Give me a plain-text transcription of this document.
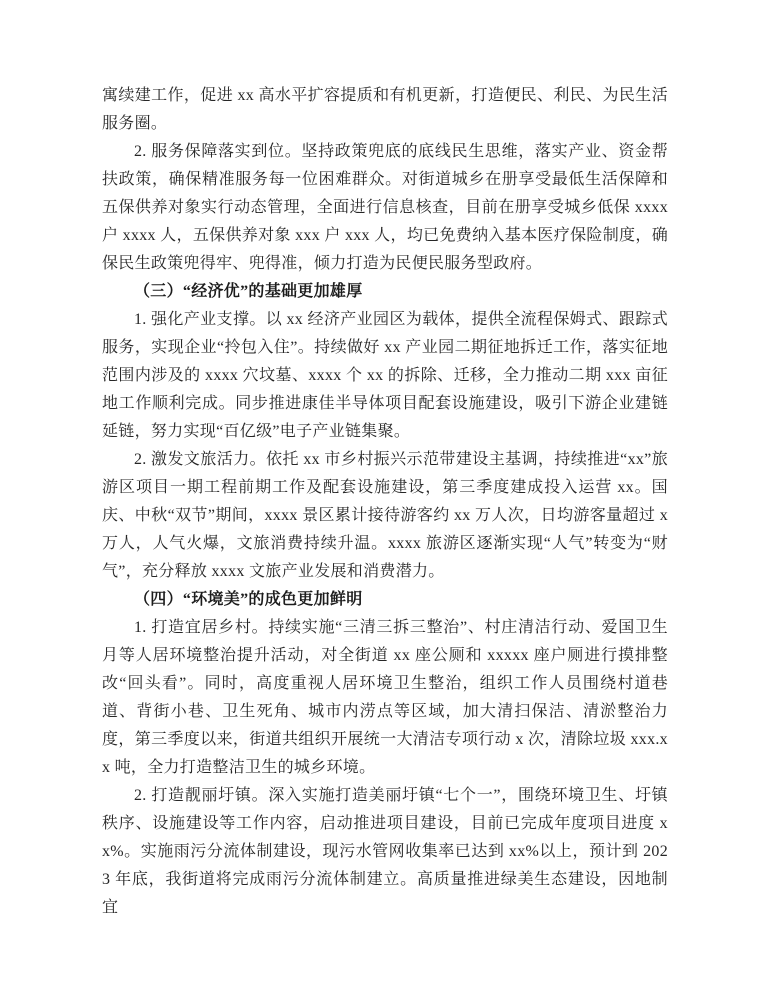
寓续建工作，促进 xx 高水平扩容提质和有机更新，打造便民、利民、为民生活服务圈。

2. 服务保障落实到位。坚持政策兜底的底线民生思维，落实产业、资金帮扶政策，确保精准服务每一位困难群众。对街道城乡在册享受最低生活保障和五保供养对象实行动态管理，全面进行信息核查，目前在册享受城乡低保 xxxx 户 xxxx 人，五保供养对象 xxx 户 xxx 人，均已免费纳入基本医疗保险制度，确保民生政策兜得牢、兜得准，倾力打造为民便民服务型政府。

（三）“经济优”的基础更加雄厚

1. 强化产业支撑。以 xx 经济产业园区为载体，提供全流程保姆式、跟踪式服务，实现企业“拎包入住”。持续做好 xx 产业园二期征地拆迁工作，落实征地范围内涉及的 xxxx 穴坟墓、xxxx 个 xx 的拆除、迁移，全力推动二期 xxx 亩征地工作顺利完成。同步推进康佳半导体项目配套设施建设，吸引下游企业建链延链，努力实现“百亿级”电子产业链集聚。

2. 激发文旅活力。依托 xx 市乡村振兴示范带建设主基调，持续推进“xx”旅游区项目一期工程前期工作及配套设施建设，第三季度建成投入运营 xx。国庆、中秋“双节”期间，xxxx 景区累计接待游客约 xx 万人次，日均游客量超过 x 万人，人气火爆，文旅消费持续升温。xxxx 旅游区逐渐实现“人气”转变为“财气”，充分释放 xxxx 文旅产业发展和消费潜力。

（四）“环境美”的成色更加鲜明

1. 打造宜居乡村。持续实施“三清三拆三整治”、村庄清洁行动、爱国卫生月等人居环境整治提升活动，对全街道 xx 座公厕和 xxxxx 座户厕进行摸排整改“回头看”。同时，高度重视人居环境卫生整治，组织工作人员围绕村道巷道、背街小巷、卫生死角、城市内涝点等区域，加大清扫保洁、清淤整治力度，第三季度以来，街道共组织开展统一大清洁专项行动 x 次，清除垃圾 xxx.xx 吨，全力打造整洁卫生的城乡环境。

2. 打造靓丽圩镇。深入实施打造美丽圩镇“七个一”，围绕环境卫生、圩镇秩序、设施建设等工作内容，启动推进项目建设，目前已完成年度项目进度 xx%。实施雨污分流体制建设，现污水管网收集率已达到 xx%以上，预计到 2023 年底，我街道将完成雨污分流体制建立。高质量推进绿美生态建设，因地制宜
